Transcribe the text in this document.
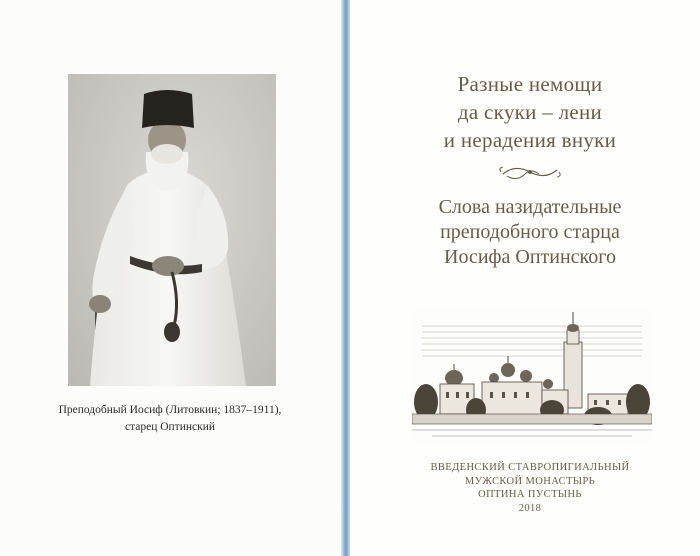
Преподобный Иосиф (Литовкин; 1837–1911),
старец Оптинский
Разные немощи
да скуки – лени
и нерадения внуки
Слова назидательные
преподобного старца
Иосифа Оптинского
ВВЕДЕНСКИЙ СТАВРОПИГИАЛЬНЫЙ
МУЖСКОЙ МОНАСТЫРЬ
ОПТИНА ПУСТЫНЬ
2018
